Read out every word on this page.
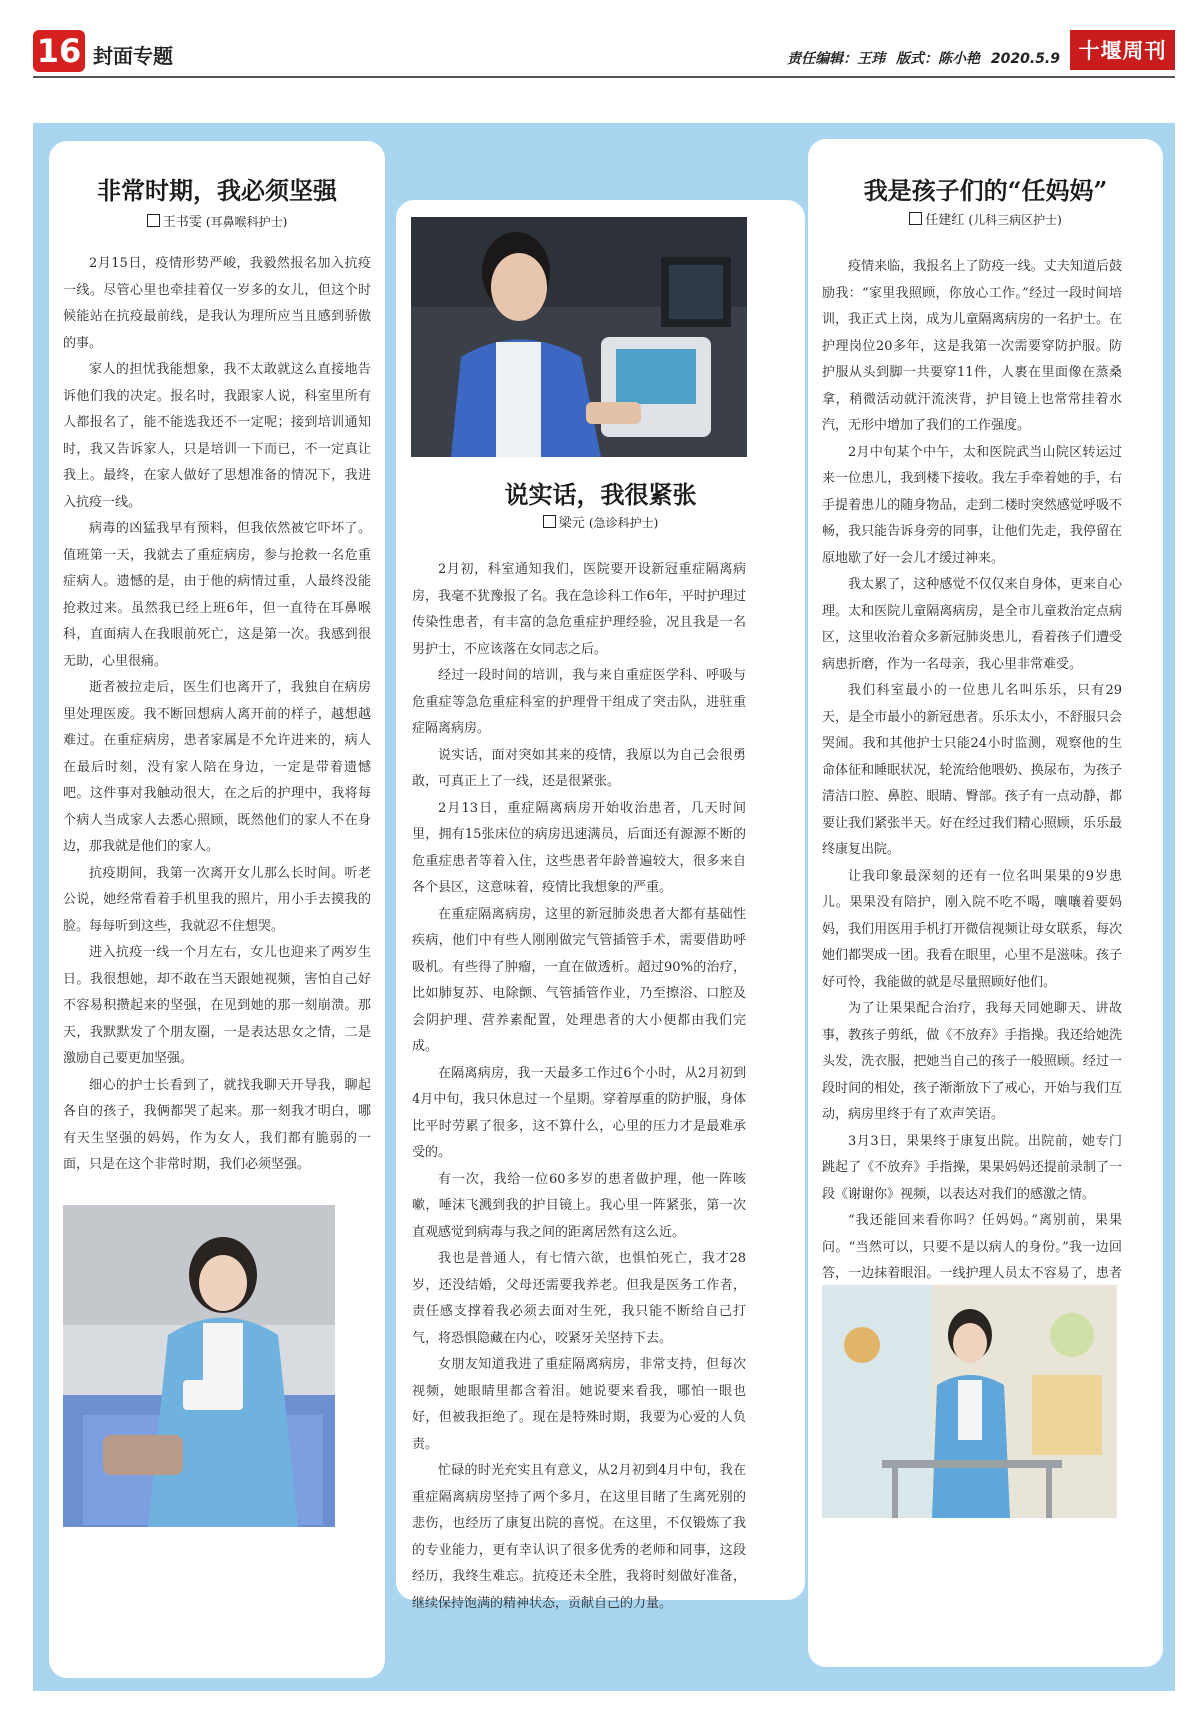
16 封面专题	责任编辑：王玮 版式：陈小艳 2020.5.9 十堰周刊
非常时期，我必须坚强
王书雯 (耳鼻喉科护士)

2月15日，疫情形势严峻，我毅然报名加入抗疫一线。尽管心里也牵挂着仅一岁多的女儿，但这个时候能站在抗疫最前线，是我认为理所应当且感到骄傲的事。

家人的担忧我能想象，我不太敢就这么直接地告诉他们我的决定。报名时，我跟家人说，科室里所有人都报名了，能不能选我还不一定呢；接到培训通知时，我又告诉家人，只是培训一下而已，不一定真让我上。最终，在家人做好了思想准备的情况下，我进入抗疫一线。

病毒的凶猛我早有预料，但我依然被它吓坏了。值班第一天，我就去了重症病房，参与抢救一名危重症病人。遗憾的是，由于他的病情过重，人最终没能抢救过来。虽然我已经上班6年，但一直待在耳鼻喉科，直面病人在我眼前死亡，这是第一次。我感到很无助，心里很痛。

逝者被拉走后，医生们也离开了，我独自在病房里处理医废。我不断回想病人离开前的样子，越想越难过。在重症病房，患者家属是不允许进来的，病人在最后时刻，没有家人陪在身边，一定是带着遗憾吧。这件事对我触动很大，在之后的护理中，我将每个病人当成家人去悉心照顾，既然他们的家人不在身边，那我就是他们的家人。

抗疫期间，我第一次离开女儿那么长时间。听老公说，她经常看着手机里我的照片，用小手去摸我的脸。每每听到这些，我就忍不住想哭。

进入抗疫一线一个月左右，女儿也迎来了两岁生日。我很想她，却不敢在当天跟她视频，害怕自己好不容易积攒起来的坚强，在见到她的那一刻崩溃。那天，我默默发了个朋友圈，一是表达思女之情，二是激励自己要更加坚强。

细心的护士长看到了，就找我聊天开导我，聊起各自的孩子，我俩都哭了起来。那一刻我才明白，哪有天生坚强的妈妈，作为女人，我们都有脆弱的一面，只是在这个非常时期，我们必须坚强。

说实话，我很紧张
梁元 (急诊科护士)

2月初，科室通知我们，医院要开设新冠重症隔离病房，我毫不犹豫报了名。我在急诊科工作6年，平时护理过传染性患者，有丰富的急危重症护理经验，况且我是一名男护士，不应该落在女同志之后。

经过一段时间的培训，我与来自重症医学科、呼吸与危重症等急危重症科室的护理骨干组成了突击队，进驻重症隔离病房。

说实话，面对突如其来的疫情，我原以为自己会很勇敢，可真正上了一线，还是很紧张。

2月13日，重症隔离病房开始收治患者，几天时间里，拥有15张床位的病房迅速满员，后面还有源源不断的危重症患者等着入住，这些患者年龄普遍较大，很多来自各个县区，这意味着，疫情比我想象的严重。

在重症隔离病房，这里的新冠肺炎患者大都有基础性疾病，他们中有些人刚刚做完气管插管手术，需要借助呼吸机。有些得了肿瘤，一直在做透析。超过90%的治疗，比如肺复苏、电除颤、气管插管作业，乃至擦浴、口腔及会阴护理、营养素配置，处理患者的大小便都由我们完成。

在隔离病房，我一天最多工作过6个小时，从2月初到4月中旬，我只休息过一个星期。穿着厚重的防护服，身体比平时劳累了很多，这不算什么，心里的压力才是最难承受的。

有一次，我给一位60多岁的患者做护理，他一阵咳嗽，唾沫飞溅到我的护目镜上。我心里一阵紧张，第一次直观感觉到病毒与我之间的距离居然有这么近。

我也是普通人，有七情六欲，也惧怕死亡，我才28岁，还没结婚，父母还需要我养老。但我是医务工作者，责任感支撑着我必须去面对生死，我只能不断给自己打气，将恐惧隐藏在内心，咬紧牙关坚持下去。

女朋友知道我进了重症隔离病房，非常支持，但每次视频，她眼睛里都含着泪。她说要来看我，哪怕一眼也好，但被我拒绝了。现在是特殊时期，我要为心爱的人负责。

忙碌的时光充实且有意义，从2月初到4月中旬，我在重症隔离病房坚持了两个多月，在这里目睹了生离死别的悲伤，也经历了康复出院的喜悦。在这里，不仅锻炼了我的专业能力，更有幸认识了很多优秀的老师和同事，这段经历，我终生难忘。抗疫还未全胜，我将时刻做好准备，继续保持饱满的精神状态，贡献自己的力量。

我是孩子们的“任妈妈”
任建红 (儿科三病区护士)

疫情来临，我报名上了防疫一线。丈夫知道后鼓励我：“家里我照顾，你放心工作。”经过一段时间培训，我正式上岗，成为儿童隔离病房的一名护士。在护理岗位20多年，这是我第一次需要穿防护服。防护服从头到脚一共要穿11件，人裹在里面像在蒸桑拿，稍微活动就汗流浃背，护目镜上也常常挂着水汽，无形中增加了我们的工作强度。

2月中旬某个中午，太和医院武当山院区转运过来一位患儿，我到楼下接收。我左手牵着她的手，右手提着患儿的随身物品，走到二楼时突然感觉呼吸不畅，我只能告诉身旁的同事，让他们先走，我停留在原地歇了好一会儿才缓过神来。

我太累了，这种感觉不仅仅来自身体，更来自心理。太和医院儿童隔离病房，是全市儿童救治定点病区，这里收治着众多新冠肺炎患儿，看着孩子们遭受病患折磨，作为一名母亲，我心里非常难受。

我们科室最小的一位患儿名叫乐乐，只有29天，是全市最小的新冠患者。乐乐太小，不舒服只会哭闹。我和其他护士只能24小时监测，观察他的生命体征和睡眠状况，轮流给他喂奶、换尿布，为孩子清洁口腔、鼻腔、眼睛、臀部。孩子有一点动静，都要让我们紧张半天。好在经过我们精心照顾，乐乐最终康复出院。

让我印象最深刻的还有一位名叫果果的9岁患儿。果果没有陪护，刚入院不吃不喝，嚷嚷着要妈妈，我们用医用手机打开微信视频让母女联系，每次她们都哭成一团。我看在眼里，心里不是滋味。孩子好可怜，我能做的就是尽量照顾好他们。

为了让果果配合治疗，我每天同她聊天、讲故事，教孩子剪纸，做《不放弃》手指操。我还给她洗头发，洗衣服，把她当自己的孩子一般照顾。经过一段时间的相处，孩子渐渐放下了戒心，开始与我们互动，病房里终于有了欢声笑语。

3月3日，果果终于康复出院。出院前，她专门跳起了《不放弃》手指操，果果妈妈还提前录制了一段《谢谢你》视频，以表达对我们的感激之情。

“我还能回来看你吗？任妈妈。”离别前，果果问。“当然可以，只要不是以病人的身份。”我一边回答，一边抹着眼泪。一线护理人员太不容易了，患者
